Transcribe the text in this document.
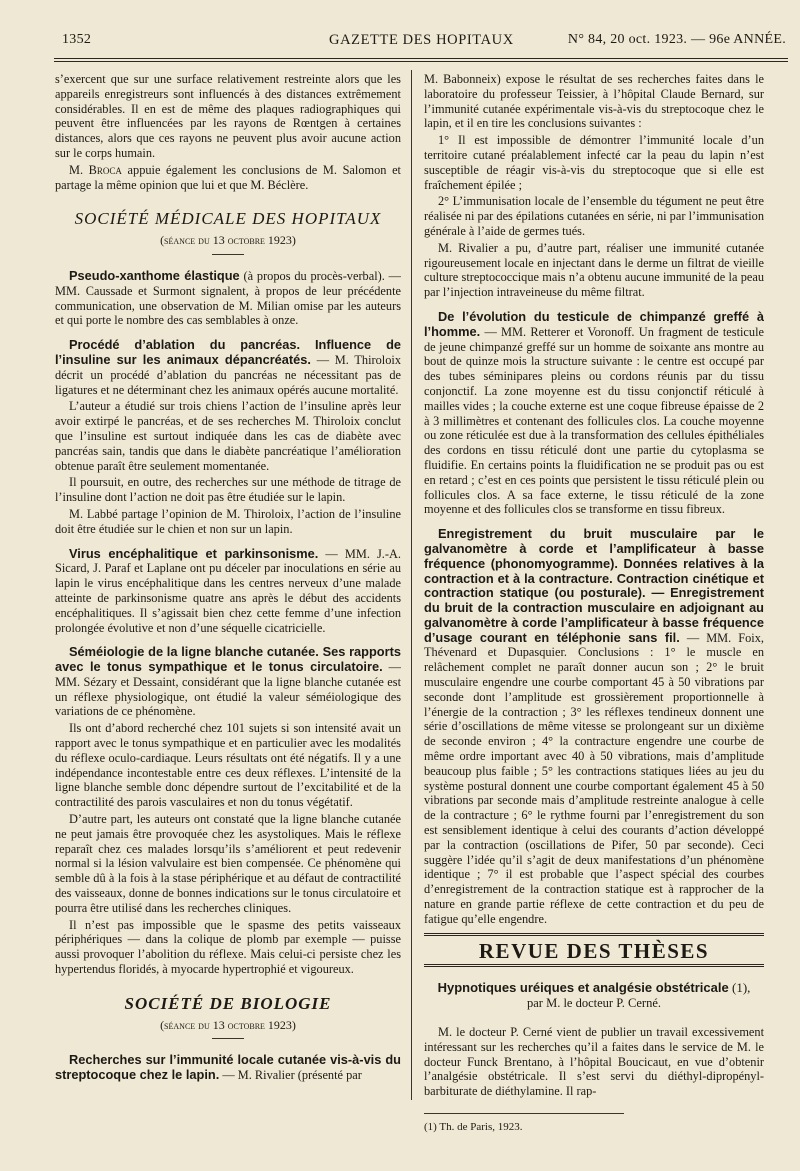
1352	GAZETTE DES HOPITAUX	N° 84, 20 oct. 1923. — 96e ANNÉE.

s’exercent que sur une surface relativement restreinte alors que les appareils enregistreurs sont influencés à des distances extrêmement considérables. Il en est de même des plaques radiographiques qui peuvent être influencées par les rayons de Rœntgen à certaines distances, alors que ces rayons ne peuvent plus avoir aucune action sur le corps humain.

M. Broca appuie également les conclusions de M. Salomon et partage la même opinion que lui et que M. Béclère.

SOCIÉTÉ MÉDICALE DES HOPITAUX
(séance du 13 octobre 1923)

Pseudo-xanthome élastique (à propos du procès-verbal). — MM. Caussade et Surmont signalent, à propos de leur précédente communication, une observation de M. Milian omise par les auteurs et qui porte le nombre des cas semblables à onze.

Procédé d’ablation du pancréas. Influence de l’insuline sur les animaux dépancréatés. — M. Thiroloix décrit un procédé d’ablation du pancréas ne nécessitant pas de ligatures et ne déterminant chez les animaux opérés aucune mortalité.

L’auteur a étudié sur trois chiens l’action de l’insuline après leur avoir extirpé le pancréas, et de ses recherches M. Thiroloix conclut que l’insuline est surtout indiquée dans les cas de diabète avec pancréas sain, tandis que dans le diabète pancréatique l’amélioration obtenue paraît être seulement momentanée.

Il poursuit, en outre, des recherches sur une méthode de titrage de l’insuline dont l’action ne doit pas être étudiée sur le lapin.

M. Labbé partage l’opinion de M. Thiroloix, l’action de l’insuline doit être étudiée sur le chien et non sur un lapin.

Virus encéphalitique et parkinsonisme. — MM. J.-A. Sicard, J. Paraf et Laplane ont pu déceler par inoculations en série au lapin le virus encéphalitique dans les centres nerveux d’une malade atteinte de parkinsonisme quatre ans après le début des accidents encéphalitiques. Il s’agissait bien chez cette femme d’une infection prolongée évolutive et non d’une séquelle cicatricielle.

Séméiologie de la ligne blanche cutanée. Ses rapports avec le tonus sympathique et le tonus circulatoire. — MM. Sézary et Dessaint, considérant que la ligne blanche cutanée est un réflexe physiologique, ont étudié la valeur séméiologique des variations de ce phénomène.

Ils ont d’abord recherché chez 101 sujets si son intensité avait un rapport avec le tonus sympathique et en particulier avec les modalités du réflexe oculo-cardiaque. Leurs résultats ont été négatifs. Il y a une indépendance incontestable entre ces deux réflexes. L’intensité de la ligne blanche semble donc dépendre surtout de l’excitabilité et de la contractilité des parois vasculaires et non du tonus végétatif.

D’autre part, les auteurs ont constaté que la ligne blanche cutanée ne peut jamais être provoquée chez les asystoliques. Mais le réflexe reparaît chez ces malades lorsqu’ils s’améliorent et peut redevenir normal si la lésion valvulaire est bien compensée. Ce phénomène qui semble dû à la fois à la stase périphérique et au défaut de contractilité des vaisseaux, donne de bonnes indications sur le tonus circulatoire et pourra être utilisé dans les recherches cliniques.

Il n’est pas impossible que le spasme des petits vaisseaux périphériques — dans la colique de plomb par exemple — puisse aussi provoquer l’abolition du réflexe. Mais celui-ci persiste chez les hypertendus floridés, à myocarde hypertrophié et vigoureux.

SOCIÉTÉ DE BIOLOGIE
(séance du 13 octobre 1923)

Recherches sur l’immunité locale cutanée vis-à-vis du streptocoque chez le lapin. — M. Rivalier (présenté par

M. Babonneix) expose le résultat de ses recherches faites dans le laboratoire du professeur Teissier, à l’hôpital Claude Bernard, sur l’immunité cutanée expérimentale vis-à-vis du streptocoque chez le lapin, et il en tire les conclusions suivantes :

1° Il est impossible de démontrer l’immunité locale d’un territoire cutané préalablement infecté car la peau du lapin n’est susceptible de réagir vis-à-vis du streptocoque que si elle est fraîchement épilée ;

2° L’immunisation locale de l’ensemble du tégument ne peut être réalisée ni par des épilations cutanées en série, ni par l’immunisation générale à l’aide de germes tués.

M. Rivalier a pu, d’autre part, réaliser une immunité cutanée rigoureusement locale en injectant dans le derme un filtrat de vieille culture streptococcique mais n’a obtenu aucune immunité de la peau par l’injection intraveineuse du même filtrat.

De l’évolution du testicule de chimpanzé greffé à l’homme. — MM. Retterer et Voronoff. Un fragment de testicule de jeune chimpanzé greffé sur un homme de soixante ans montre au bout de quinze mois la structure suivante : le centre est occupé par des tubes séminipares pleins ou cordons réunis par du tissu conjonctif. La zone moyenne est du tissu conjonctif réticulé à mailles vides ; la couche externe est une coque fibreuse épaisse de 2 à 3 millimètres et contenant des follicules clos. La couche moyenne ou zone réticulée est due à la transformation des cellules épithéliales des cordons en tissu réticulé dont une partie du cytoplasma se fluidifie. En certains points la fluidification ne se produit pas ou est en retard ; c’est en ces points que persistent le tissu réticulé plein ou follicules clos. A sa face externe, le tissu réticulé de la zone moyenne et des follicules clos se transforme en tissu fibreux.

Enregistrement du bruit musculaire par le galvanomètre à corde et l’amplificateur à basse fréquence (phonomyogramme). Données relatives à la contraction et à la contracture. Contraction cinétique et contraction statique (ou posturale). — Enregistrement du bruit de la contraction musculaire en adjoignant au galvanomètre à corde l’amplificateur à basse fréquence d’usage courant en téléphonie sans fil. — MM. Foix, Thévenard et Dupasquier. Conclusions : 1° le muscle en relâchement complet ne paraît donner aucun son ; 2° le bruit musculaire engendre une courbe comportant 45 à 50 vibrations par seconde dont l’amplitude est grossièrement proportionnelle à l’énergie de la contraction ; 3° les réflexes tendineux donnent une série d’oscillations de même vitesse se prolongeant sur un dixième de seconde environ ; 4° la contracture engendre une courbe de même ordre important avec 40 à 50 vibrations, mais d’amplitude beaucoup plus faible ; 5° les contractions statiques liées au jeu du système postural donnent une courbe comportant également 45 à 50 vibrations par seconde mais d’amplitude restreinte analogue à celle de la contracture ; 6° le rythme fourni par l’enregistrement du son est sensiblement identique à celui des courants d’action développé par la contraction (oscillations de Pifer, 50 par seconde). Ceci suggère l’idée qu’il s’agit de deux manifestations d’un phénomène identique ; 7° il est probable que l’aspect spécial des courbes d’enregistrement de la contraction statique est à rapprocher de la nature en grande partie réflexe de cette contraction et du peu de fatigue qu’elle engendre.

REVUE DES THÈSES
Hypnotiques uréiques et analgésie obstétricale (1),
par M. le docteur P. Cerné.

M. le docteur P. Cerné vient de publier un travail excessivement intéressant sur les recherches qu’il a faites dans le service de M. le docteur Funck Brentano, à l’hôpital Boucicaut, en vue d’obtenir l’analgésie obstétricale. Il s’est servi du diéthyl-dipropényl-barbiturate de diéthylamine. Il rap-

(1) Th. de Paris, 1923.
